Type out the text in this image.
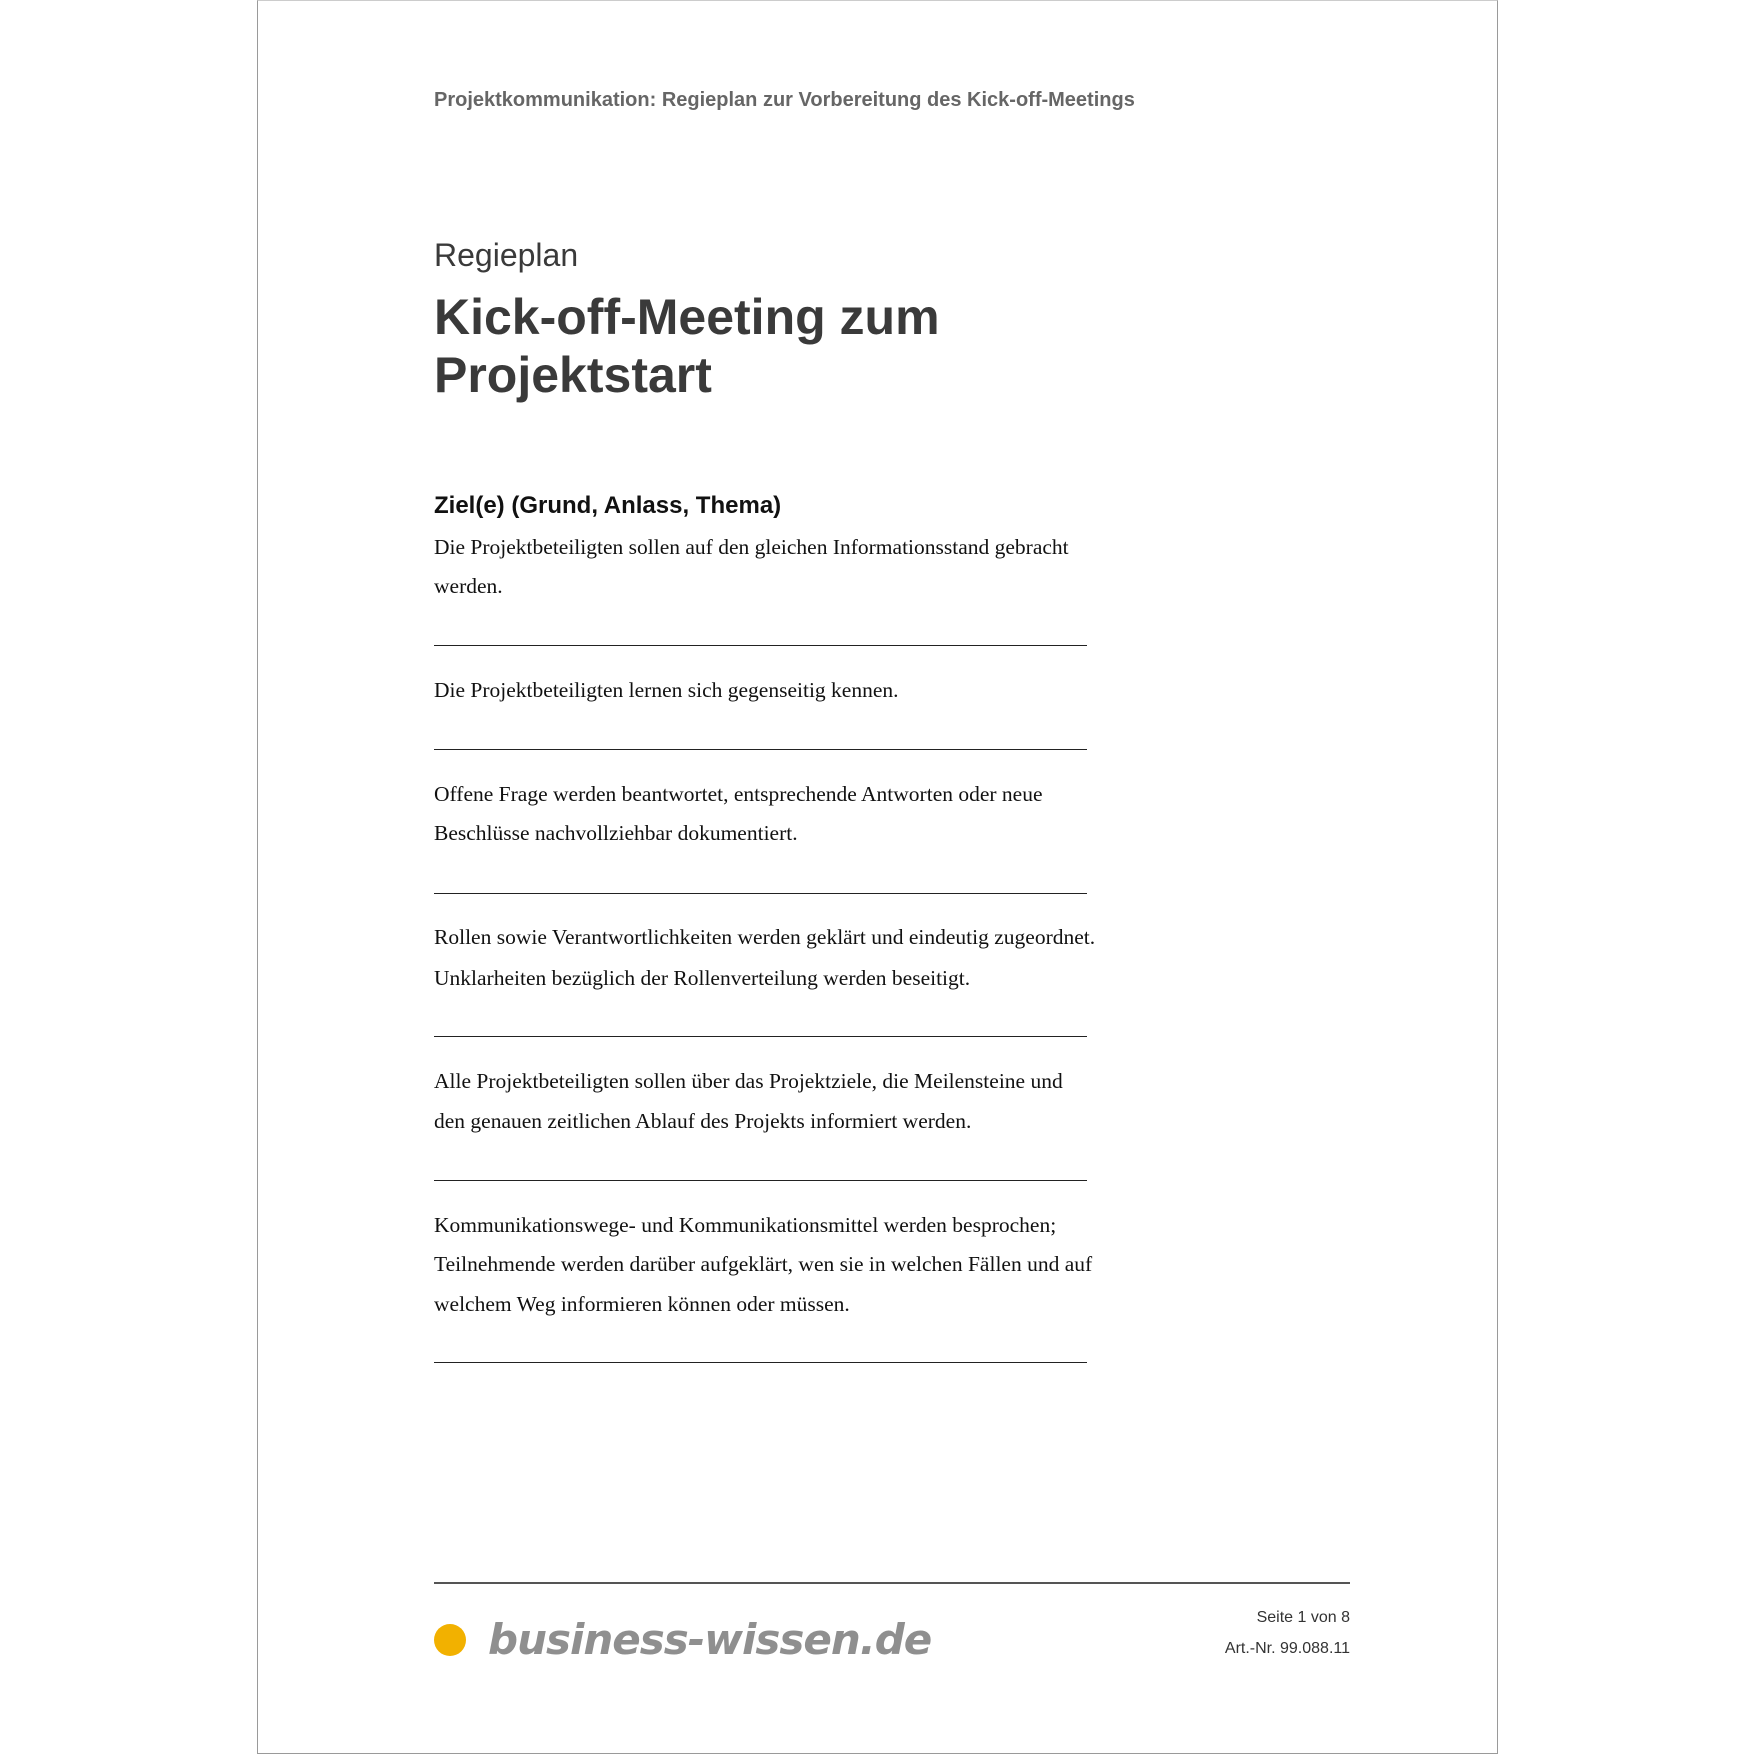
Projektkommunikation: Regieplan zur Vorbereitung des Kick-off-Meetings
Regieplan
Kick-off-Meeting zum
Projektstart
Ziel(e) (Grund, Anlass, Thema)
Die Projektbeteiligten sollen auf den gleichen Informationsstand gebracht
werden.
Die Projektbeteiligten lernen sich gegenseitig kennen.
Offene Frage werden beantwortet, entsprechende Antworten oder neue
Beschlüsse nachvollziehbar dokumentiert.
Rollen sowie Verantwortlichkeiten werden geklärt und eindeutig zugeordnet.
Unklarheiten bezüglich der Rollenverteilung werden beseitigt.
Alle Projektbeteiligten sollen über das Projektziele, die Meilensteine und
den genauen zeitlichen Ablauf des Projekts informiert werden.
Kommunikationswege- und Kommunikationsmittel werden besprochen;
Teilnehmende werden darüber aufgeklärt, wen sie in welchen Fällen und auf
welchem Weg informieren können oder müssen.
business-wissen.de	Seite 1 von 8
Art.-Nr. 99.088.11
